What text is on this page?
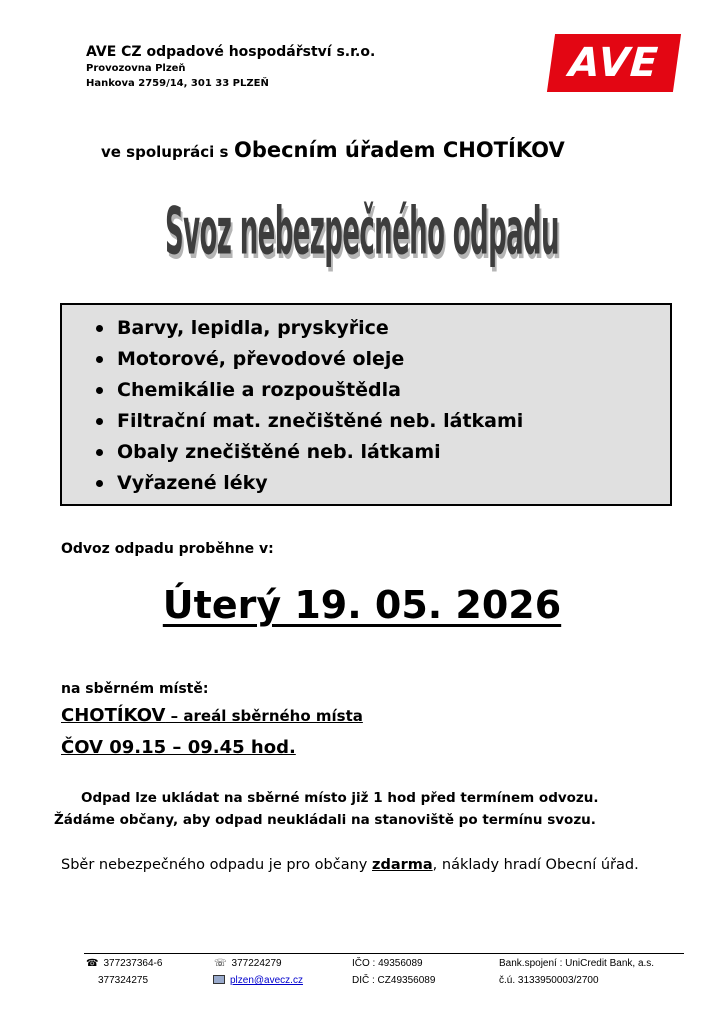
AVE CZ odpadové hospodářství s.r.o.
Provozovna Plzeň
Hankova 2759/14, 301 33 PLZEŇ	AVE
ve spolupráci s Obecním úřadem CHOTÍKOV
Svoz nebezpečného odpadu
Barvy, lepidla, pryskyřice
Motorové, převodové oleje
Chemikálie a rozpouštědla
Filtrační mat. znečištěné neb. látkami
Obaly znečištěné neb. látkami
Vyřazené léky
Odvoz odpadu proběhne v:
Úterý 19. 05. 2026
na sběrném místě:
CHOTÍKOV – areál sběrného místa
ČOV 09.15 – 09.45 hod.
Odpad lze ukládat na sběrné místo již 1 hod před termínem odvozu.
Žádáme občany, aby odpad neukládali na stanoviště po termínu svozu.
Sběr nebezpečného odpadu je pro občany zdarma, náklady hradí Obecní úřad.
☎ 377237364-6
377324275
☏ 377224279
plzen@avecz.cz
IČO : 49356089
DIČ : CZ49356089
Bank.spojení : UniCredit Bank, a.s.
č.ú. 3133950003/2700
